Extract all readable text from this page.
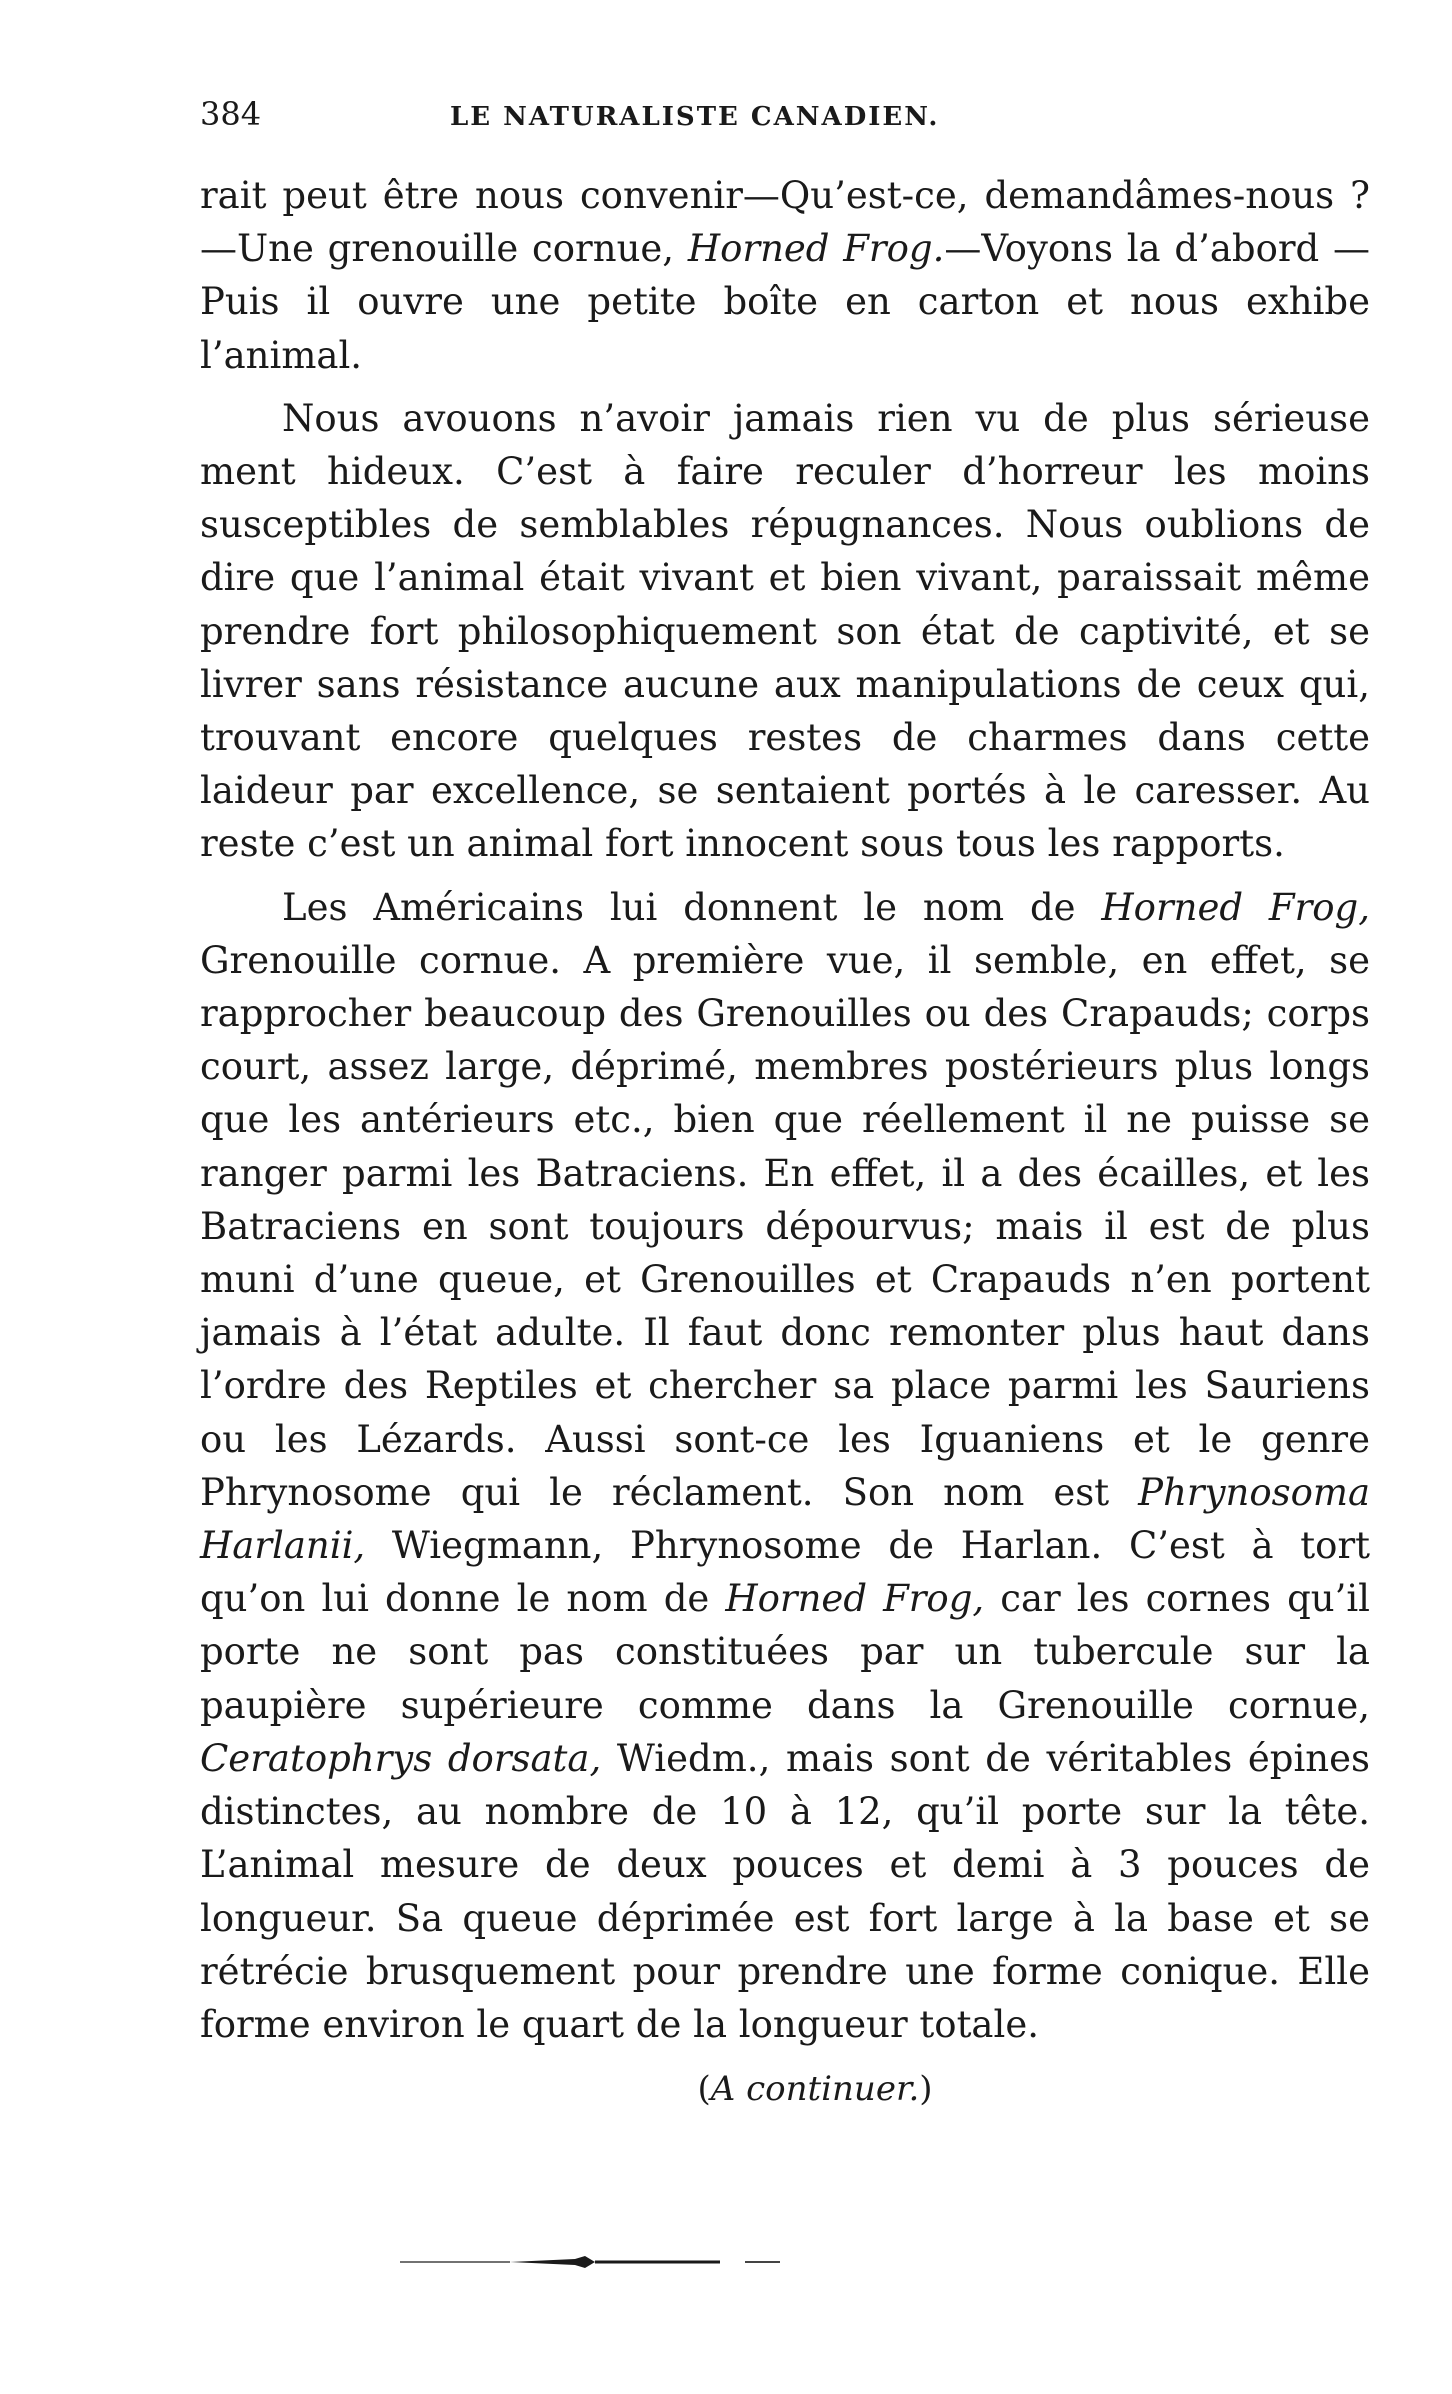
384	LE NATURALISTE CANADIEN.

rait peut être nous convenir—Qu’est-ce, demandâmes-nous ? —Une grenouille cornue, Horned Frog.—Voyons la d’abord —Puis il ouvre une petite boîte en carton et nous exhibe l’animal.

Nous avouons n’avoir jamais rien vu de plus sérieuse ment hideux. C’est à faire reculer d’horreur les moins susceptibles de semblables répugnances. Nous oublions de dire que l’animal était vivant et bien vivant, paraissait même prendre fort philosophiquement son état de captivité, et se livrer sans résistance aucune aux manipulations de ceux qui, trouvant encore quelques restes de charmes dans cette laideur par excellence, se sentaient portés à le caresser. Au reste c’est un animal fort innocent sous tous les rapports.

Les Américains lui donnent le nom de Horned Frog, Grenouille cornue. A première vue, il semble, en effet, se rapprocher beaucoup des Grenouilles ou des Crapauds; corps court, assez large, déprimé, membres postérieurs plus longs que les antérieurs etc., bien que réellement il ne puisse se ranger parmi les Batraciens. En effet, il a des écailles, et les Batraciens en sont toujours dépourvus; mais il est de plus muni d’une queue, et Grenouilles et Crapauds n’en portent jamais à l’état adulte. Il faut donc remonter plus haut dans l’ordre des Reptiles et chercher sa place parmi les Sauriens ou les Lézards. Aussi sont-ce les Iguaniens et le genre Phrynosome qui le réclament. Son nom est Phrynosoma Harlanii, Wiegmann, Phrynosome de Harlan. C’est à tort qu’on lui donne le nom de Horned Frog, car les cornes qu’il porte ne sont pas constituées par un tubercule sur la paupière supérieure comme dans la Grenouille cornue, Ceratophrys dorsata, Wiedm., mais sont de véritables épines distinctes, au nombre de 10 à 12, qu’il porte sur la tête. L’animal mesure de deux pouces et demi à 3 pouces de longueur. Sa queue déprimée est fort large à la base et se rétrécie brusquement pour prendre une forme conique. Elle forme environ le quart de la longueur totale.

(A continuer.)
